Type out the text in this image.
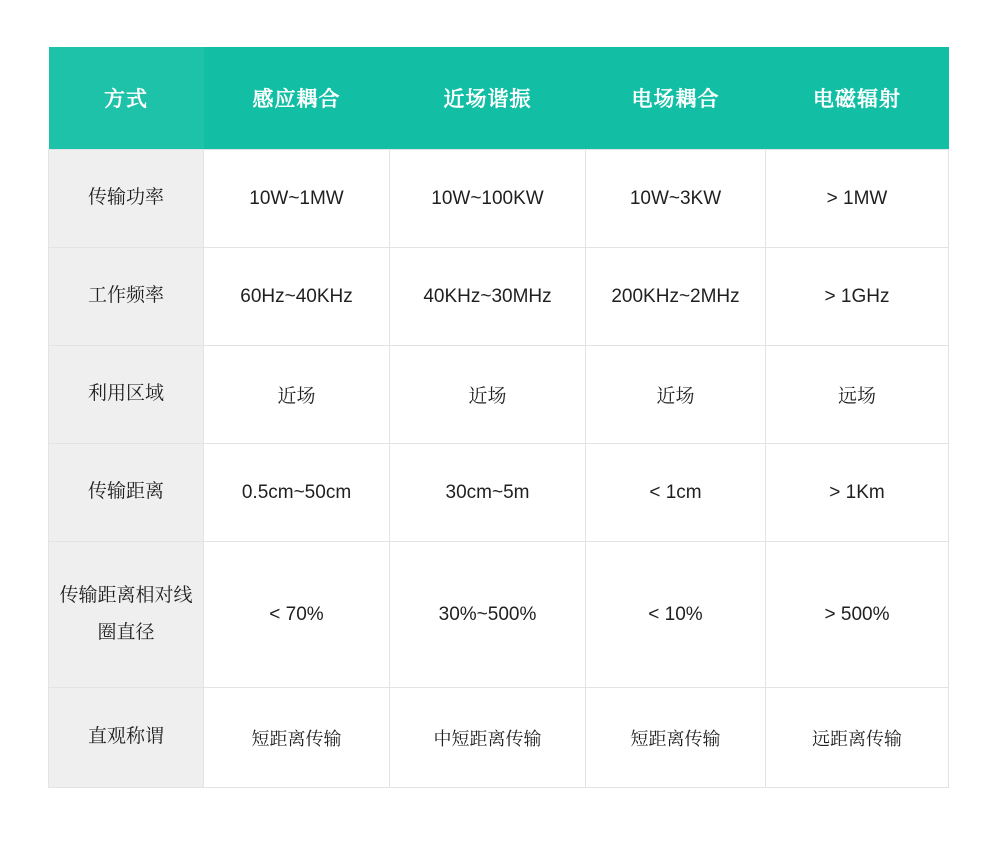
方式	感应耦合	近场谐振	电场耦合	电磁辐射
传输功率	10W~1MW	10W~100KW	10W~3KW	> 1MW
工作频率	60Hz~40KHz	40KHz~30MHz	200KHz~2MHz	> 1GHz
利用区域	近场	近场	近场	远场
传输距离	0.5cm~50cm	30cm~5m	< 1cm	> 1Km
传输距离相对线圈直径	< 70%	30%~500%	< 10%	> 500%
直观称谓	短距离传输	中短距离传输	短距离传输	远距离传输
